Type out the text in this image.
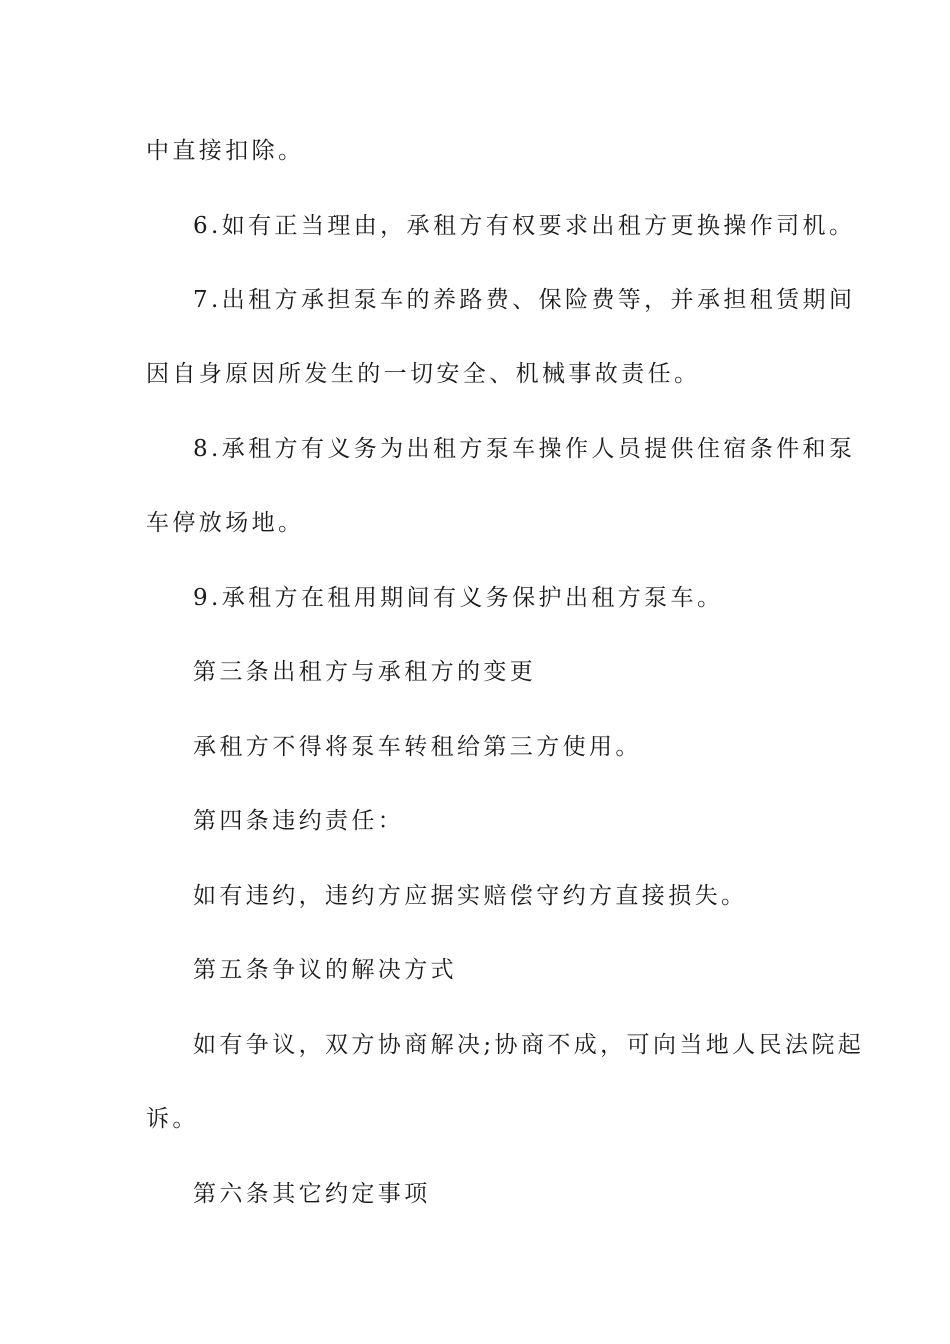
中直接扣除。
6.如有正当理由，承租方有权要求出租方更换操作司机。
7.出租方承担泵车的养路费、保险费等，并承担租赁期间
因自身原因所发生的一切安全、机械事故责任。
8.承租方有义务为出租方泵车操作人员提供住宿条件和泵
车停放场地。
9.承租方在租用期间有义务保护出租方泵车。
第三条出租方与承租方的变更
承租方不得将泵车转租给第三方使用。
第四条违约责任：
如有违约，违约方应据实赔偿守约方直接损失。
第五条争议的解决方式
如有争议，双方协商解决;协商不成，可向当地人民法院起
诉。
第六条其它约定事项
